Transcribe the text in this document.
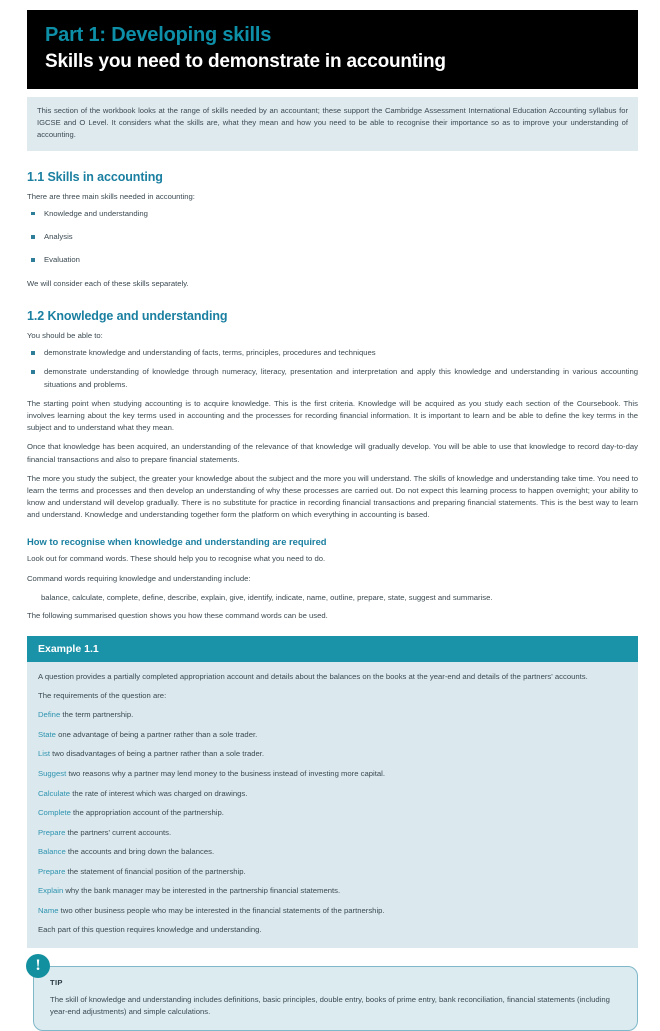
Part 1: Developing skills
Skills you need to demonstrate in accounting

This section of the workbook looks at the range of skills needed by an accountant; these support the Cambridge Assessment International Education Accounting syllabus for IGCSE and O Level. It considers what the skills are, what they mean and how you need to be able to recognise their importance so as to improve your understanding of accounting.

1.1 Skills in accounting

There are three main skills needed in accounting:

Knowledge and understanding
Analysis
Evaluation

We will consider each of these skills separately.

1.2 Knowledge and understanding

You should be able to:

demonstrate knowledge and understanding of facts, terms, principles, procedures and techniques
demonstrate understanding of knowledge through numeracy, literacy, presentation and interpretation and apply this knowledge and understanding in various accounting situations and problems.

The starting point when studying accounting is to acquire knowledge. This is the first criteria. Knowledge will be acquired as you study each section of the Coursebook. This involves learning about the key terms used in accounting and the processes for recording financial information. It is important to learn and be able to define the key terms in the subject and to understand what they mean.

Once that knowledge has been acquired, an understanding of the relevance of that knowledge will gradually develop. You will be able to use that knowledge to record day-to-day financial transactions and also to prepare financial statements.

The more you study the subject, the greater your knowledge about the subject and the more you will understand. The skills of knowledge and understanding take time. You need to learn the terms and processes and then develop an understanding of why these processes are carried out. Do not expect this learning process to happen overnight; your ability to know and understand will develop gradually. There is no substitute for practice in recording financial transactions and preparing financial statements. This is the best way to learn and understand. Knowledge and understanding together form the platform on which everything in accounting is based.

How to recognise when knowledge and understanding are required

Look out for command words. These should help you to recognise what you need to do.

Command words requiring knowledge and understanding include:

balance, calculate, complete, define, describe, explain, give, identify, indicate, name, outline, prepare, state, suggest and summarise.

The following summarised question shows you how these command words can be used.

Example 1.1

A question provides a partially completed appropriation account and details about the balances on the books at the year-end and details of the partners' accounts.

The requirements of the question are:

Define the term partnership.
State one advantage of being a partner rather than a sole trader.
List two disadvantages of being a partner rather than a sole trader.
Suggest two reasons why a partner may lend money to the business instead of investing more capital.
Calculate the rate of interest which was charged on drawings.
Complete the appropriation account of the partnership.
Prepare the partners' current accounts.
Balance the accounts and bring down the balances.
Prepare the statement of financial position of the partnership.
Explain why the bank manager may be interested in the partnership financial statements.
Name two other business people who may be interested in the financial statements of the partnership.

Each part of this question requires knowledge and understanding.

!
TIP

The skill of knowledge and understanding includes definitions, basic principles, double entry, books of prime entry, bank reconciliation, financial statements (including year-end adjustments) and simple calculations.
